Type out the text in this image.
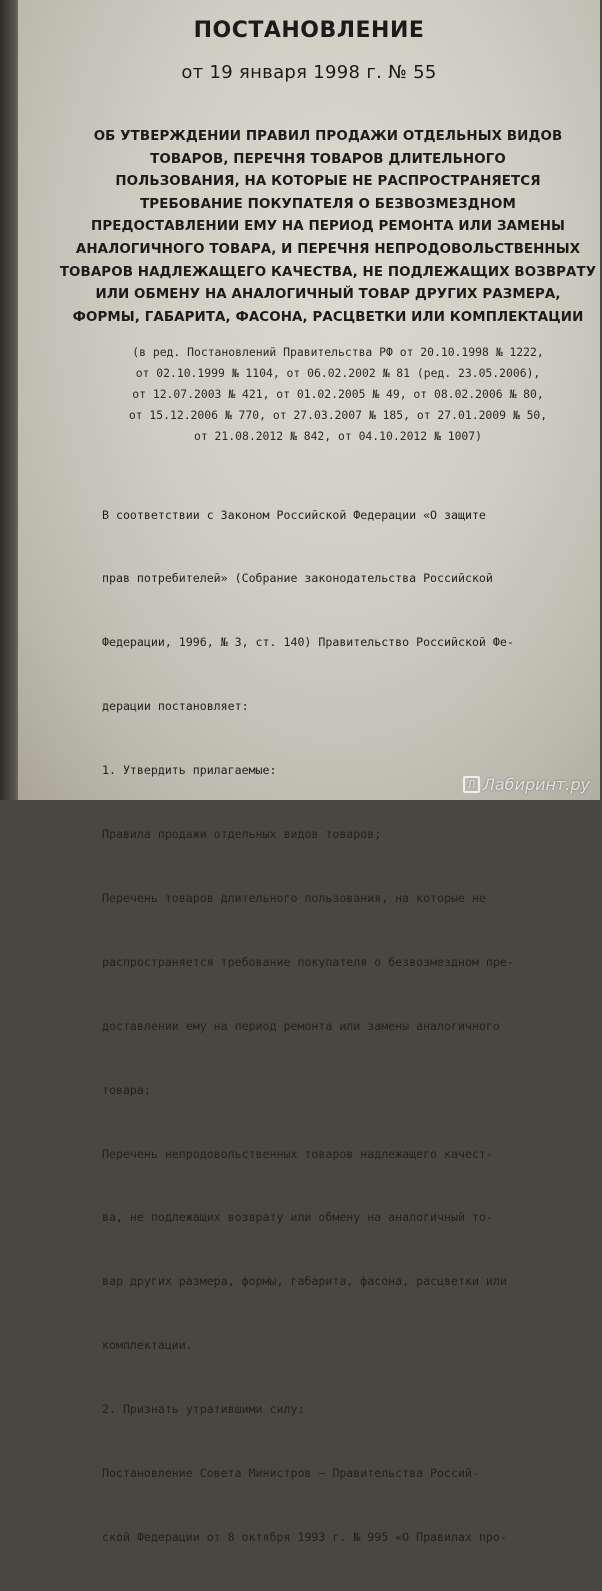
ПОСТАНОВЛЕНИЕ
от 19 января 1998 г. № 55
ОБ УТВЕРЖДЕНИИ ПРАВИЛ ПРОДАЖИ ОТДЕЛЬНЫХ ВИДОВ
ТОВАРОВ, ПЕРЕЧНЯ ТОВАРОВ ДЛИТЕЛЬНОГО
ПОЛЬЗОВАНИЯ, НА КОТОРЫЕ НЕ РАСПРОСТРАНЯЕТСЯ
ТРЕБОВАНИЕ ПОКУПАТЕЛЯ О БЕЗВОЗМЕЗДНОМ
ПРЕДОСТАВЛЕНИИ ЕМУ НА ПЕРИОД РЕМОНТА ИЛИ ЗАМЕНЫ
АНАЛОГИЧНОГО ТОВАРА, И ПЕРЕЧНЯ НЕПРОДОВОЛЬСТВЕННЫХ
ТОВАРОВ НАДЛЕЖАЩЕГО КАЧЕСТВА, НЕ ПОДЛЕЖАЩИХ ВОЗВРАТУ
ИЛИ ОБМЕНУ НА АНАЛОГИЧНЫЙ ТОВАР ДРУГИХ РАЗМЕРА,
ФОРМЫ, ГАБАРИТА, ФАСОНА, РАСЦВЕТКИ ИЛИ КОМПЛЕКТАЦИИ
(в ред. Постановлений Правительства РФ от 20.10.1998 № 1222,
от 02.10.1999 № 1104, от 06.02.2002 № 81 (ред. 23.05.2006),
от 12.07.2003 № 421, от 01.02.2005 № 49, от 08.02.2006 № 80,
от 15.12.2006 № 770, от 27.03.2007 № 185, от 27.01.2009 № 50,
от 21.08.2012 № 842, от 04.10.2012 № 1007)

В соответствии с Законом Российской Федерации «О защите

прав потребителей» (Собрание законодательства Российской

Федерации, 1996, № 3, ст. 140) Правительство Российской Фе-

дерации постановляет:

1. Утвердить прилагаемые:

Правила продажи отдельных видов товаров;

Перечень товаров длительного пользования, на которые не

распространяется требование покупателя о безвозмездном пре-

доставлении ему на период ремонта или замены аналогичного

товара;

Перечень непродовольственных товаров надлежащего качест-

ва, не подлежащих возврату или обмену на аналогичный то-

вар других размера, формы, габарита, фасона, расцветки или

комплектации.

2. Признать утратившими силу:

Постановление Совета Министров — Правительства Россий-

ской Федерации от 8 октября 1993 г. № 995 «О Правилах про-

Л Лабиринт.ру
